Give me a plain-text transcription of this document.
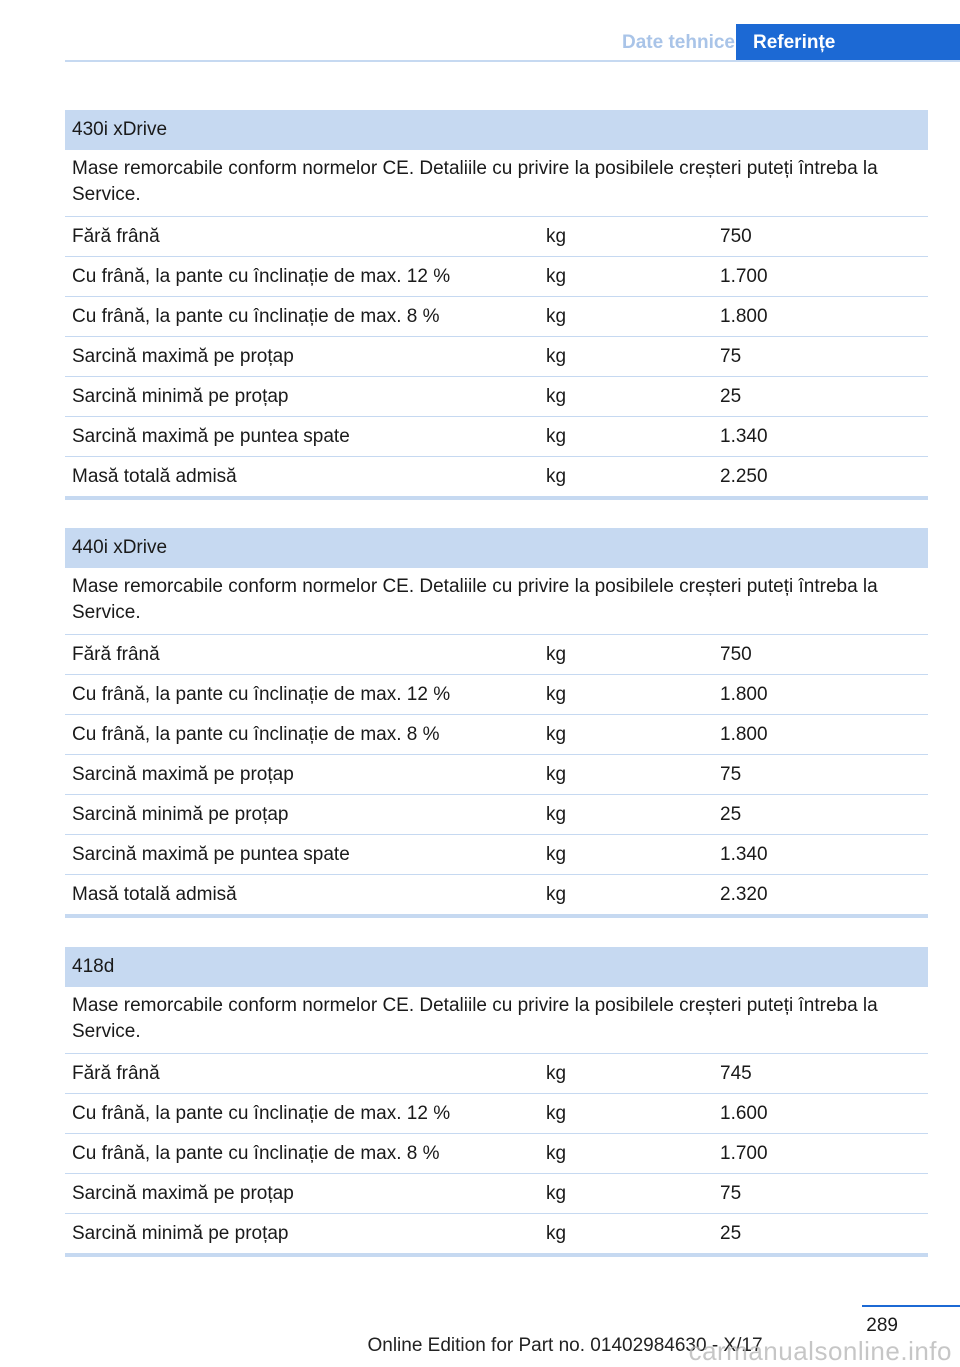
Date tehnice Referințe
430i xDrive
Mase remorcabile conform normelor CE. Detaliile cu privire la posibilele creșteri puteți întreba la Service.
Fără frână	kg	750
Cu frână, la pante cu înclinație de max. 12 %	kg	1.700
Cu frână, la pante cu înclinație de max. 8 %	kg	1.800
Sarcină maximă pe proțap	kg	75
Sarcină minimă pe proțap	kg	25
Sarcină maximă pe puntea spate	kg	1.340
Masă totală admisă	kg	2.250
440i xDrive
Mase remorcabile conform normelor CE. Detaliile cu privire la posibilele creșteri puteți întreba la Service.
Fără frână	kg	750
Cu frână, la pante cu înclinație de max. 12 %	kg	1.800
Cu frână, la pante cu înclinație de max. 8 %	kg	1.800
Sarcină maximă pe proțap	kg	75
Sarcină minimă pe proțap	kg	25
Sarcină maximă pe puntea spate	kg	1.340
Masă totală admisă	kg	2.320
418d
Mase remorcabile conform normelor CE. Detaliile cu privire la posibilele creșteri puteți întreba la Service.
Fără frână	kg	745
Cu frână, la pante cu înclinație de max. 12 %	kg	1.600
Cu frână, la pante cu înclinație de max. 8 %	kg	1.700
Sarcină maximă pe proțap	kg	75
Sarcină minimă pe proțap	kg	25
289
Online Edition for Part no. 01402984630 - X/17
carmanualsonline.info
